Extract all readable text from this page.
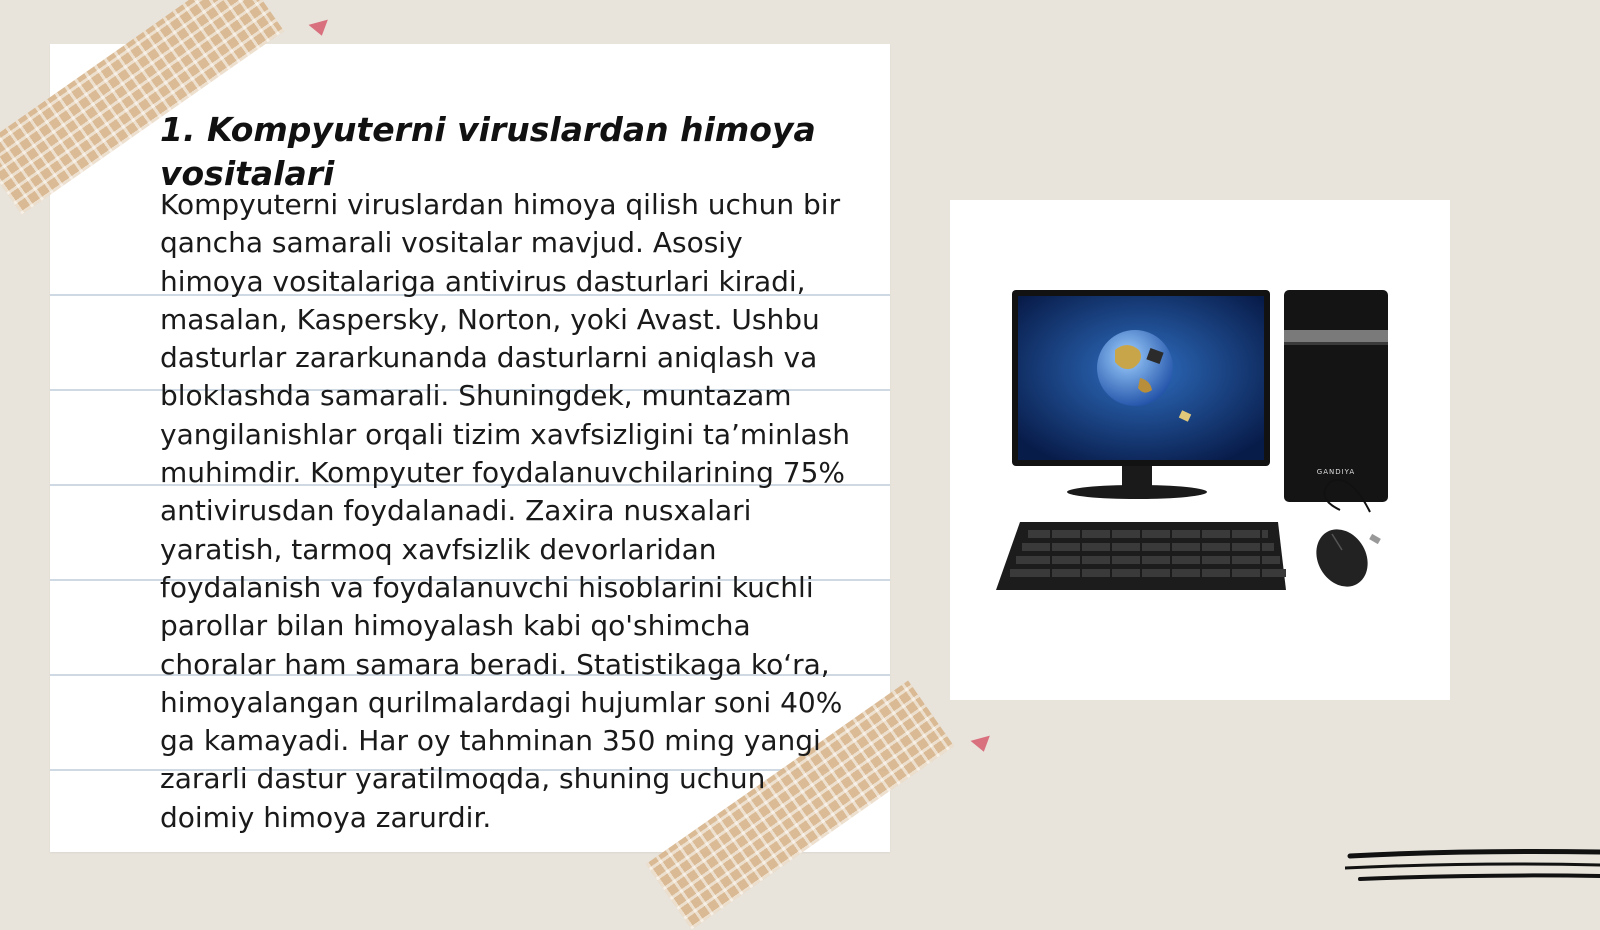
1. Kompyuterni viruslardan himoya vositalari

Kompyuterni viruslardan himoya qilish uchun bir qancha samarali vositalar mavjud. Asosiy himoya vositalariga antivirus dasturlari kiradi, masalan, Kaspersky, Norton, yoki Avast. Ushbu dasturlar zararkunanda dasturlarni aniqlash va bloklashda samarali. Shuningdek, muntazam yangilanishlar orqali tizim xavfsizligini ta’minlash muhimdir. Kompyuter foydalanuvchilarining 75% antivirusdan foydalanadi. Zaxira nusxalari yaratish, tarmoq xavfsizlik devorlaridan foydalanish va foydalanuvchi hisoblarini kuchli parollar bilan himoyalash kabi qo'shimcha choralar ham samara beradi. Statistikaga ko‘ra, himoyalangan qurilmalardagi hujumlar soni 40% ga kamayadi. Har oy tahminan 350 ming yangi zararli dastur yaratilmoqda, shuning uchun doimiy himoya zarurdir.

GANDIYA
